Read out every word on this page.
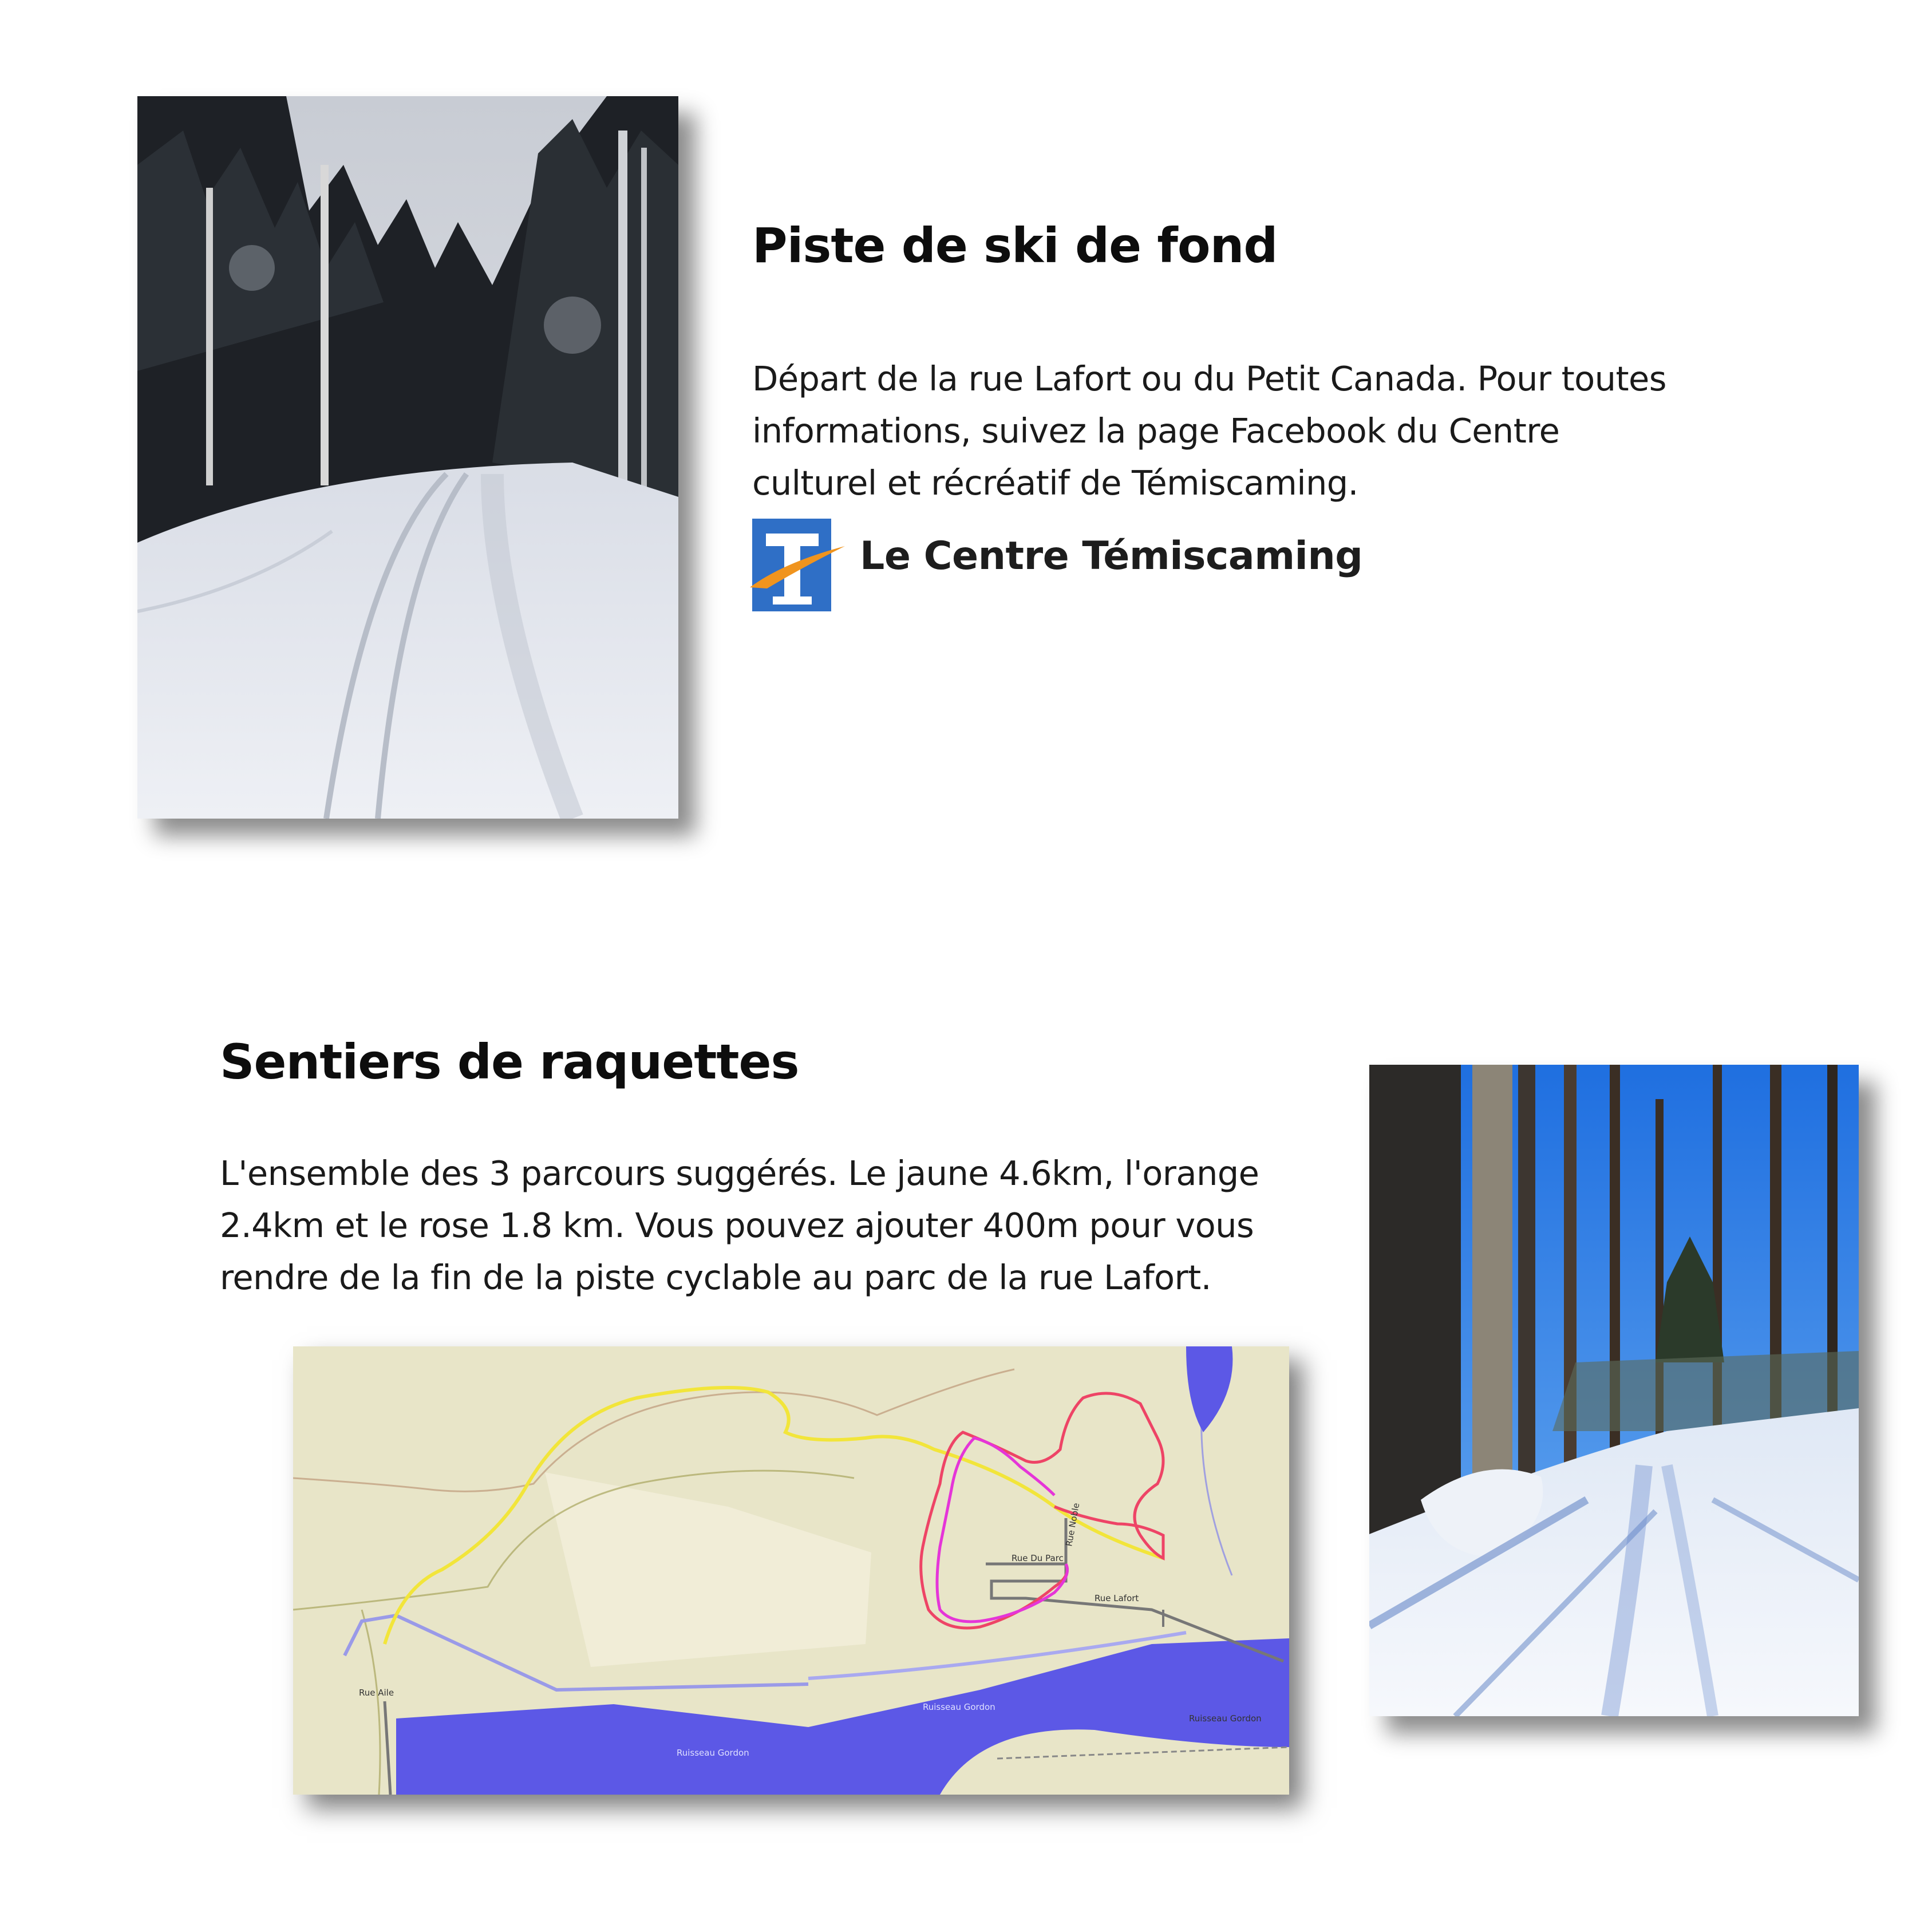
Piste de ski de fond

Départ de la rue Lafort ou du Petit Canada. Pour toutes
informations, suivez la page Facebook du Centre
culturel et récréatif de Témiscaming.

Le Centre Témiscaming
Sentiers de raquettes

L'ensemble des 3 parcours suggérés. Le jaune 4.6km, l'orange
2.4km et le rose 1.8 km. Vous pouvez ajouter 400m pour vous
rendre de la fin de la piste cyclable au parc de la rue Lafort.

Rue Du Parc
Rue Lafort
Rue Noble
Rue Aile
Ruisseau Gordon
Ruisseau Gordon
Ruisseau Gordon
